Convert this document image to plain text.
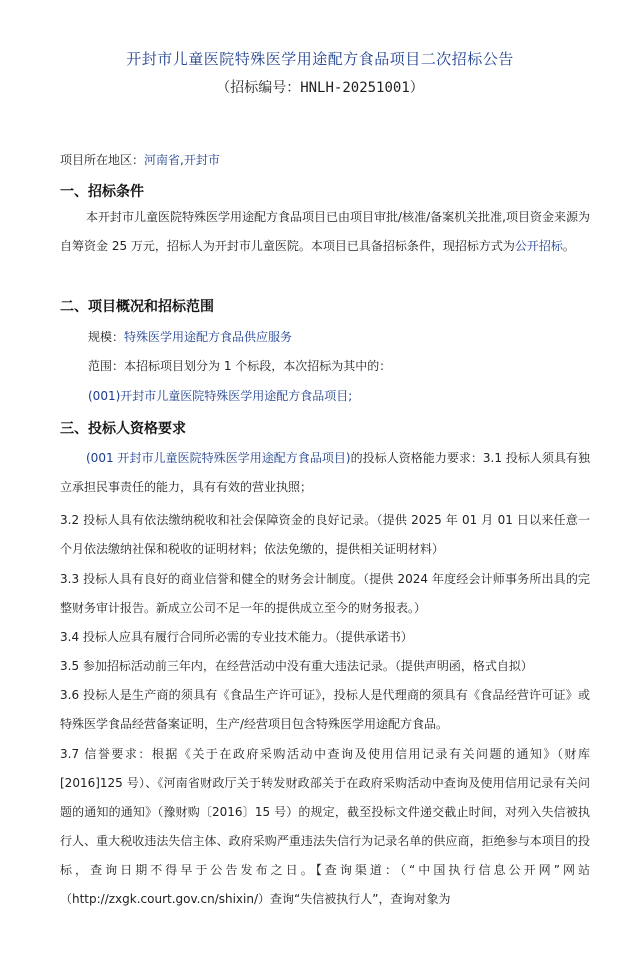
开封市儿童医院特殊医学用途配方食品项目二次招标公告
（招标编号：HNLH-20251001）
项目所在地区：河南省,开封市
一、招标条件

本开封市儿童医院特殊医学用途配方食品项目已由项目审批/核准/备案机关批准,项目资金来源为自筹资金 25 万元，招标人为开封市儿童医院。本项目已具备招标条件，现招标方式为公开招标。

二、项目概况和招标范围
规模：特殊医学用途配方食品供应服务
范围：本招标项目划分为 1 个标段，本次招标为其中的：
(001)开封市儿童医院特殊医学用途配方食品项目;
三、投标人资格要求

(001 开封市儿童医院特殊医学用途配方食品项目)的投标人资格能力要求：3.1 投标人须具有独立承担民事责任的能力，具有有效的营业执照；

3.2 投标人具有依法缴纳税收和社会保障资金的良好记录。（提供 2025 年 01 月 01 日以来任意一个月依法缴纳社保和税收的证明材料；依法免缴的，提供相关证明材料）

3.3 投标人具有良好的商业信誉和健全的财务会计制度。（提供 2024 年度经会计师事务所出具的完整财务审计报告。新成立公司不足一年的提供成立至今的财务报表。）

3.4 投标人应具有履行合同所必需的专业技术能力。（提供承诺书）

3.5 参加招标活动前三年内，在经营活动中没有重大违法记录。（提供声明函，格式自拟）

3.6 投标人是生产商的须具有《食品生产许可证》，投标人是代理商的须具有《食品经营许可证》或特殊医学食品经营备案证明，生产/经营项目包含特殊医学用途配方食品。

3.7 信誉要求：根据《关于在政府采购活动中查询及使用信用记录有关问题的通知》（财库[2016]125 号）、《河南省财政厅关于转发财政部关于在政府采购活动中查询及使用信用记录有关问题的通知的通知》（豫财购〔2016〕15 号）的规定，截至投标文件递交截止时间，对列入失信被执行人、重大税收违法失信主体、政府采购严重违法失信行为记录名单的供应商，拒绝参与本项目的投标，查询日期不得早于公告发布之日。【查询渠道：（“中国执行信息公开网”网站（http://zxgk.court.gov.cn/shixin/）查询“失信被执行人”，查询对象为
